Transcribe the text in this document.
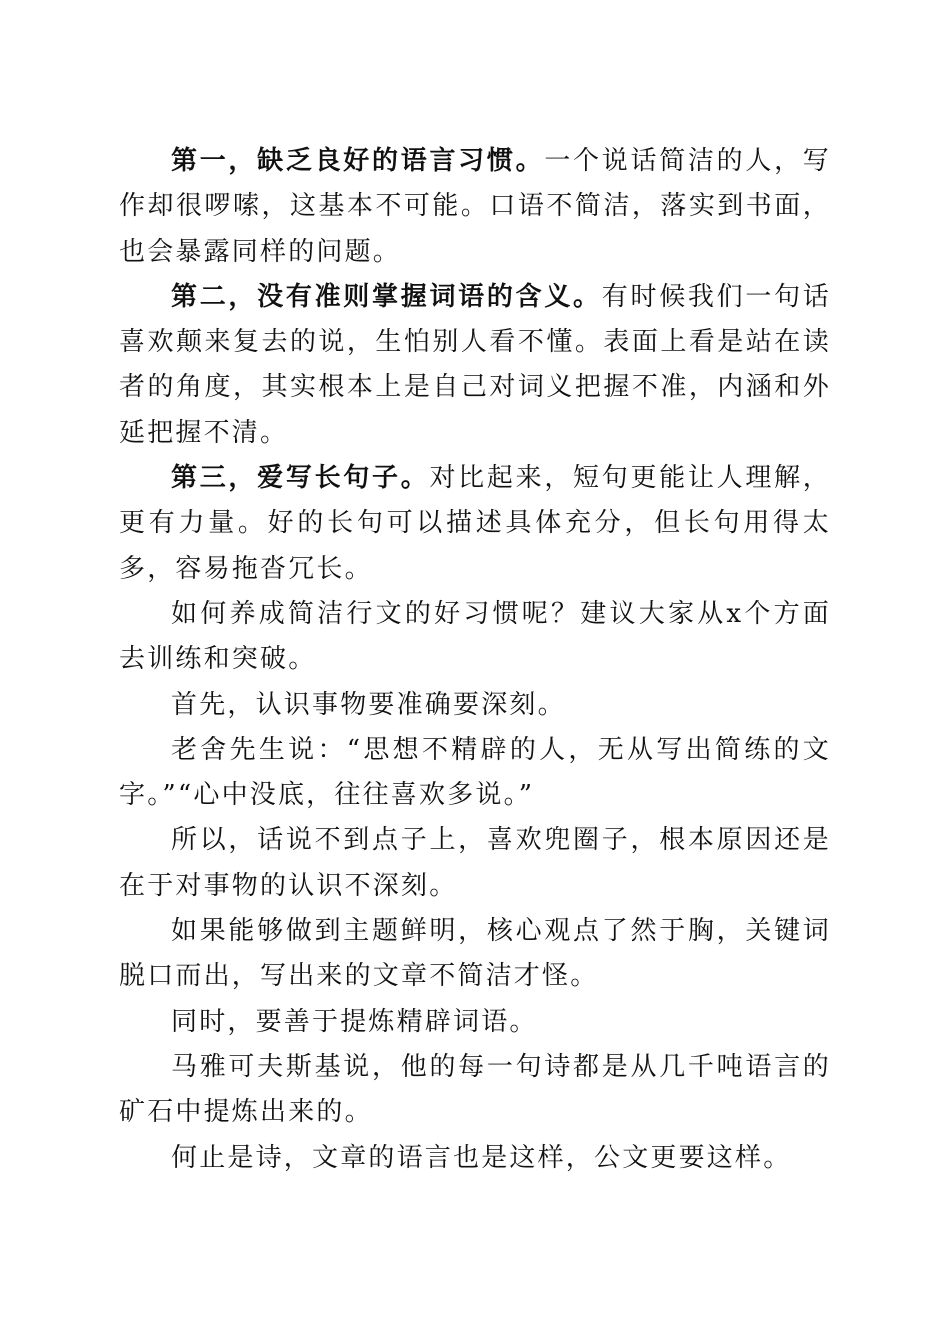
第一，缺乏良好的语言习惯。一个说话简洁的人，写作却很啰嗦，这基本不可能。口语不简洁，落实到书面，也会暴露同样的问题。

第二，没有准则掌握词语的含义。有时候我们一句话喜欢颠来复去的说，生怕别人看不懂。表面上看是站在读者的角度，其实根本上是自己对词义把握不准，内涵和外延把握不清。

第三，爱写长句子。对比起来，短句更能让人理解，更有力量。好的长句可以描述具体充分，但长句用得太多，容易拖沓冗长。

如何养成简洁行文的好习惯呢？建议大家从x个方面去训练和突破。

首先，认识事物要准确要深刻。

老舍先生说：“思想不精辟的人，无从写出简练的文字。”“心中没底，往往喜欢多说。”

所以，话说不到点子上，喜欢兜圈子，根本原因还是在于对事物的认识不深刻。

如果能够做到主题鲜明，核心观点了然于胸，关键词脱口而出，写出来的文章不简洁才怪。

同时，要善于提炼精辟词语。

马雅可夫斯基说，他的每一句诗都是从几千吨语言的矿石中提炼出来的。

何止是诗，文章的语言也是这样，公文更要这样。
